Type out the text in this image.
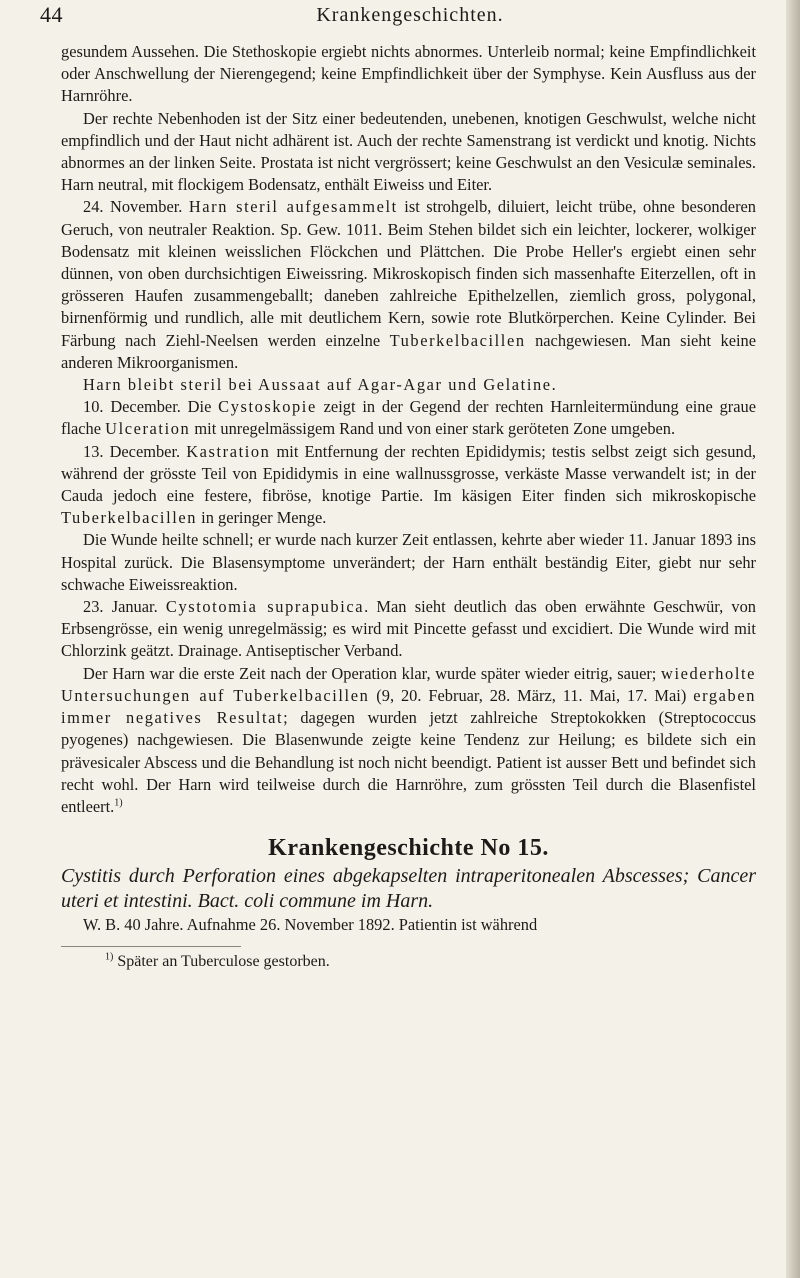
44	Krankengeschichten.

gesundem Aussehen. Die Stethoskopie ergiebt nichts abnormes. Unterleib normal; keine Empfindlichkeit oder Anschwellung der Nierengegend; keine Empfindlichkeit über der Symphyse. Kein Ausfluss aus der Harnröhre.

Der rechte Nebenhoden ist der Sitz einer bedeutenden, unebenen, knotigen Geschwulst, welche nicht empfindlich und der Haut nicht adhärent ist. Auch der rechte Samenstrang ist verdickt und knotig. Nichts abnormes an der linken Seite. Prostata ist nicht vergrössert; keine Geschwulst an den Vesiculæ seminales. Harn neutral, mit flockigem Bodensatz, enthält Eiweiss und Eiter.

24. November. Harn steril aufgesammelt ist strohgelb, diluiert, leicht trübe, ohne besonderen Geruch, von neutraler Reaktion. Sp. Gew. 1011. Beim Stehen bildet sich ein leichter, lockerer, wolkiger Bodensatz mit kleinen weisslichen Flöckchen und Plättchen. Die Probe Heller's ergiebt einen sehr dünnen, von oben durchsichtigen Eiweissring. Mikroskopisch finden sich massenhafte Eiterzellen, oft in grösseren Haufen zusammengeballt; daneben zahlreiche Epithelzellen, ziemlich gross, polygonal, birnenförmig und rundlich, alle mit deutlichem Kern, sowie rote Blutkörperchen. Keine Cylinder. Bei Färbung nach Ziehl-Neelsen werden einzelne Tuberkelbacillen nachgewiesen. Man sieht keine anderen Mikroorganismen.

Harn bleibt steril bei Aussaat auf Agar-Agar und Gelatine.

10. December. Die Cystoskopie zeigt in der Gegend der rechten Harnleitermündung eine graue flache Ulceration mit unregelmässigem Rand und von einer stark geröteten Zone umgeben.

13. December. Kastration mit Entfernung der rechten Epididymis; testis selbst zeigt sich gesund, während der grösste Teil von Epididymis in eine wallnussgrosse, verkäste Masse verwandelt ist; in der Cauda jedoch eine festere, fibröse, knotige Partie. Im käsigen Eiter finden sich mikroskopische Tuberkelbacillen in geringer Menge.

Die Wunde heilte schnell; er wurde nach kurzer Zeit entlassen, kehrte aber wieder 11. Januar 1893 ins Hospital zurück. Die Blasensymptome unverändert; der Harn enthält beständig Eiter, giebt nur sehr schwache Eiweissreaktion.

23. Januar. Cystotomia suprapubica. Man sieht deutlich das oben erwähnte Geschwür, von Erbsengrösse, ein wenig unregelmässig; es wird mit Pincette gefasst und excidiert. Die Wunde wird mit Chlorzink geätzt. Drainage. Antiseptischer Verband.

Der Harn war die erste Zeit nach der Operation klar, wurde später wieder eitrig, sauer; wiederholte Untersuchungen auf Tuberkelbacillen (9, 20. Februar, 28. März, 11. Mai, 17. Mai) ergaben immer negatives Resultat; dagegen wurden jetzt zahlreiche Streptokokken (Streptococcus pyogenes) nachgewiesen. Die Blasenwunde zeigte keine Tendenz zur Heilung; es bildete sich ein prävesicaler Abscess und die Behandlung ist noch nicht beendigt. Patient ist ausser Bett und befindet sich recht wohl. Der Harn wird teilweise durch die Harnröhre, zum grössten Teil durch die Blasenfistel entleert.$^{1)}$

Krankengeschichte No 15.
Cystitis durch Perforation eines abgekapselten intraperitonealen Abscesses; Cancer uteri et intestini. Bact. coli commune im Harn.

W. B. 40 Jahre. Aufnahme 26. November 1892. Patientin ist während

$^{1)}$ Später an Tuberculose gestorben.
